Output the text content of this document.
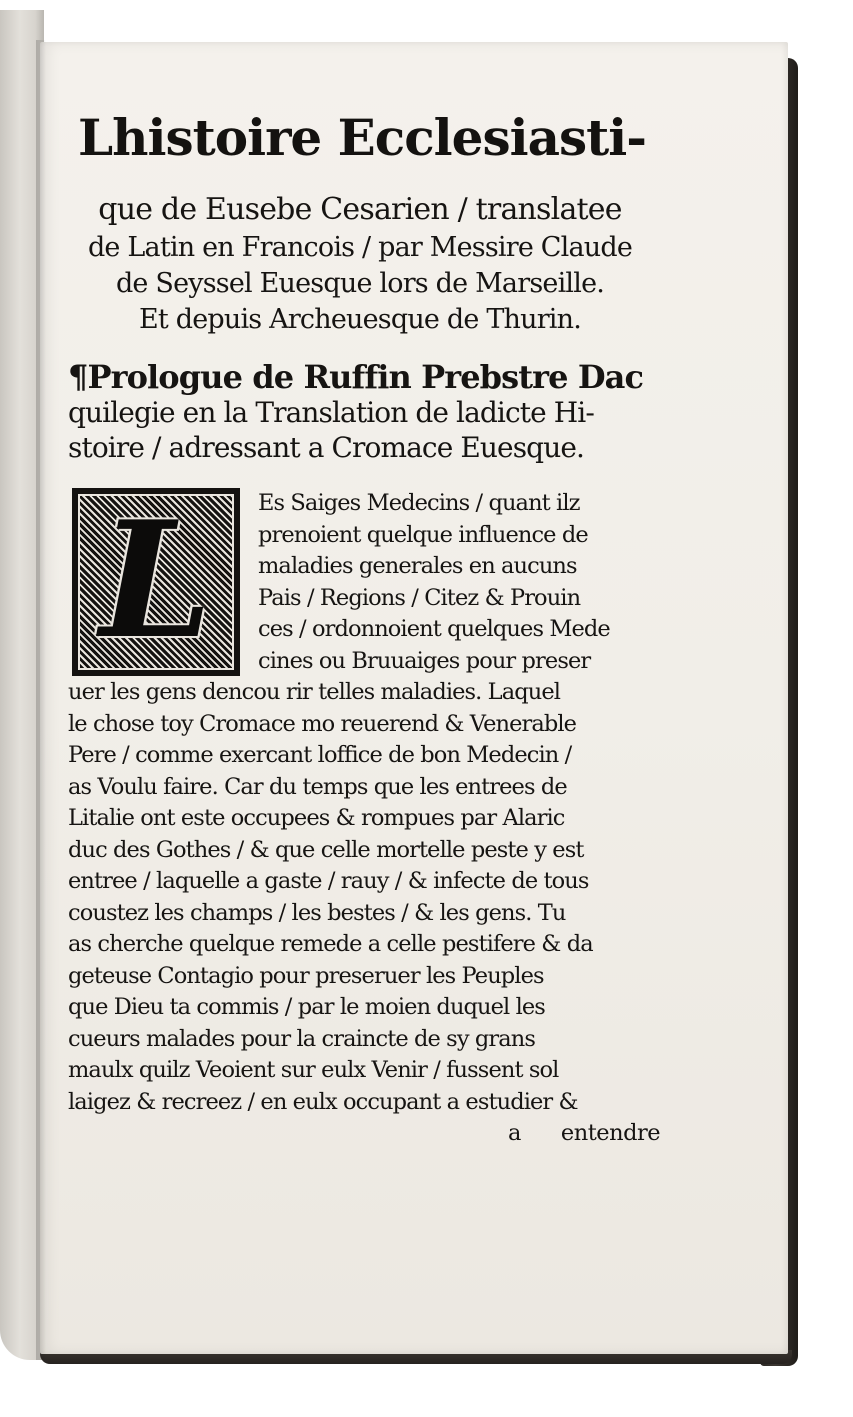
Lhistoire Ecclesiasti-
que de Eusebe Cesarien / translatee
de Latin en Francois / par Messire Claude
de Seyssel Euesque lors de Marseille.
Et depuis Archeuesque de Thurin.
¶Prologue de Ruffin Prebstre Dac
quilegie en la Translation de ladicte Hi-
stoire / adressant a Cromace Euesque.
L	Es Saiges Medecins / quant ilz
prenoient quelque influence de
maladies generales en aucuns
Pais / Regions / Citez & Prouin
ces / ordonnoient quelques Mede
cines ou Bruuaiges pour preser
uer les gens dencou rir telles maladies. Laquel
le chose toy Cromace mo reuerend & Venerable
Pere / comme exercant loffice de bon Medecin /
as Voulu faire. Car du temps que les entrees de
Litalie ont este occupees & rompues par Alaric
duc des Gothes / & que celle mortelle peste y est
entree / laquelle a gaste / rauy / & infecte de tous
coustez les champs / les bestes / & les gens. Tu
as cherche quelque remede a celle pestifere & da
geteuse Contagio pour preseruer les Peuples
que Dieu ta commis / par le moien duquel les
cueurs malades pour la craincte de sy grans
maulx quilz Veoient sur eulx Venir / fussent sol
laigez & recreez / en eulx occupant a estudier &
a entendre
